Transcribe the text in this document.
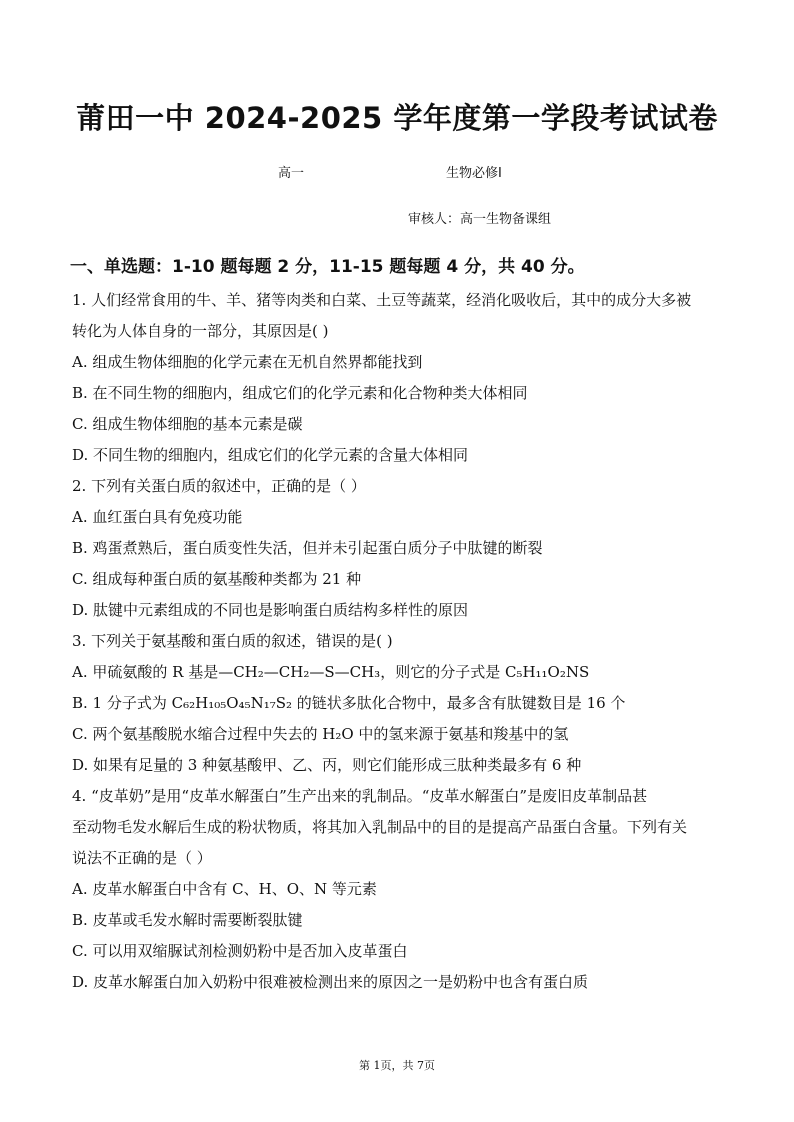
莆田一中 2024-2025 学年度第一学段考试试卷
高一	生物必修Ⅰ
审核人：高一生物备课组
一、单选题：1-10 题每题 2 分，11-15 题每题 4 分，共 40 分。
1. 人们经常食用的牛、羊、猪等肉类和白菜、土豆等蔬菜，经消化吸收后，其中的成分大多被
转化为人体自身的一部分，其原因是( )
A. 组成生物体细胞的化学元素在无机自然界都能找到
B. 在不同生物的细胞内，组成它们的化学元素和化合物种类大体相同
C. 组成生物体细胞的基本元素是碳
D. 不同生物的细胞内，组成它们的化学元素的含量大体相同
2. 下列有关蛋白质的叙述中，正确的是（ ）
A. 血红蛋白具有免疫功能
B. 鸡蛋煮熟后，蛋白质变性失活，但并未引起蛋白质分子中肽键的断裂
C. 组成每种蛋白质的氨基酸种类都为 21 种
D. 肽键中元素组成的不同也是影响蛋白质结构多样性的原因
3. 下列关于氨基酸和蛋白质的叙述，错误的是( )
A. 甲硫氨酸的 R 基是—CH₂—CH₂—S—CH₃，则它的分子式是 C₅H₁₁O₂NS
B. 1 分子式为 C₆₂H₁₀₅O₄₅N₁₇S₂ 的链状多肽化合物中，最多含有肽键数目是 16 个
C. 两个氨基酸脱水缩合过程中失去的 H₂O 中的氢来源于氨基和羧基中的氢
D. 如果有足量的 3 种氨基酸甲、乙、丙，则它们能形成三肽种类最多有 6 种
4. “皮革奶”是用“皮革水解蛋白”生产出来的乳制品。“皮革水解蛋白”是废旧皮革制品甚
至动物毛发水解后生成的粉状物质，将其加入乳制品中的目的是提高产品蛋白含量。下列有关
说法不正确的是（ ）
A. 皮革水解蛋白中含有 C、H、O、N 等元素
B. 皮革或毛发水解时需要断裂肽键
C. 可以用双缩脲试剂检测奶粉中是否加入皮革蛋白
D. 皮革水解蛋白加入奶粉中很难被检测出来的原因之一是奶粉中也含有蛋白质
第 1页，共 7页
